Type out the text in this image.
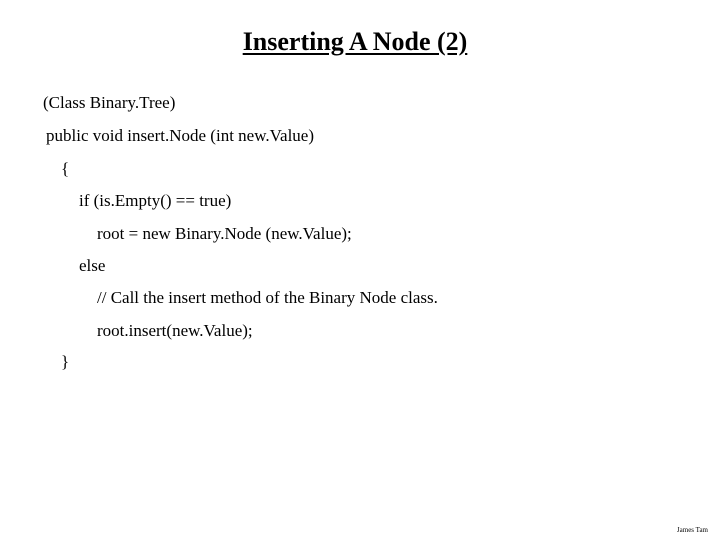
Inserting A Node (2)
(Class Binary.Tree)
public void insert.Node (int new.Value)
{
if (is.Empty() == true)
root = new Binary.Node (new.Value);
else
// Call the insert method of the Binary Node class.
root.insert(new.Value);
}
James Tam
